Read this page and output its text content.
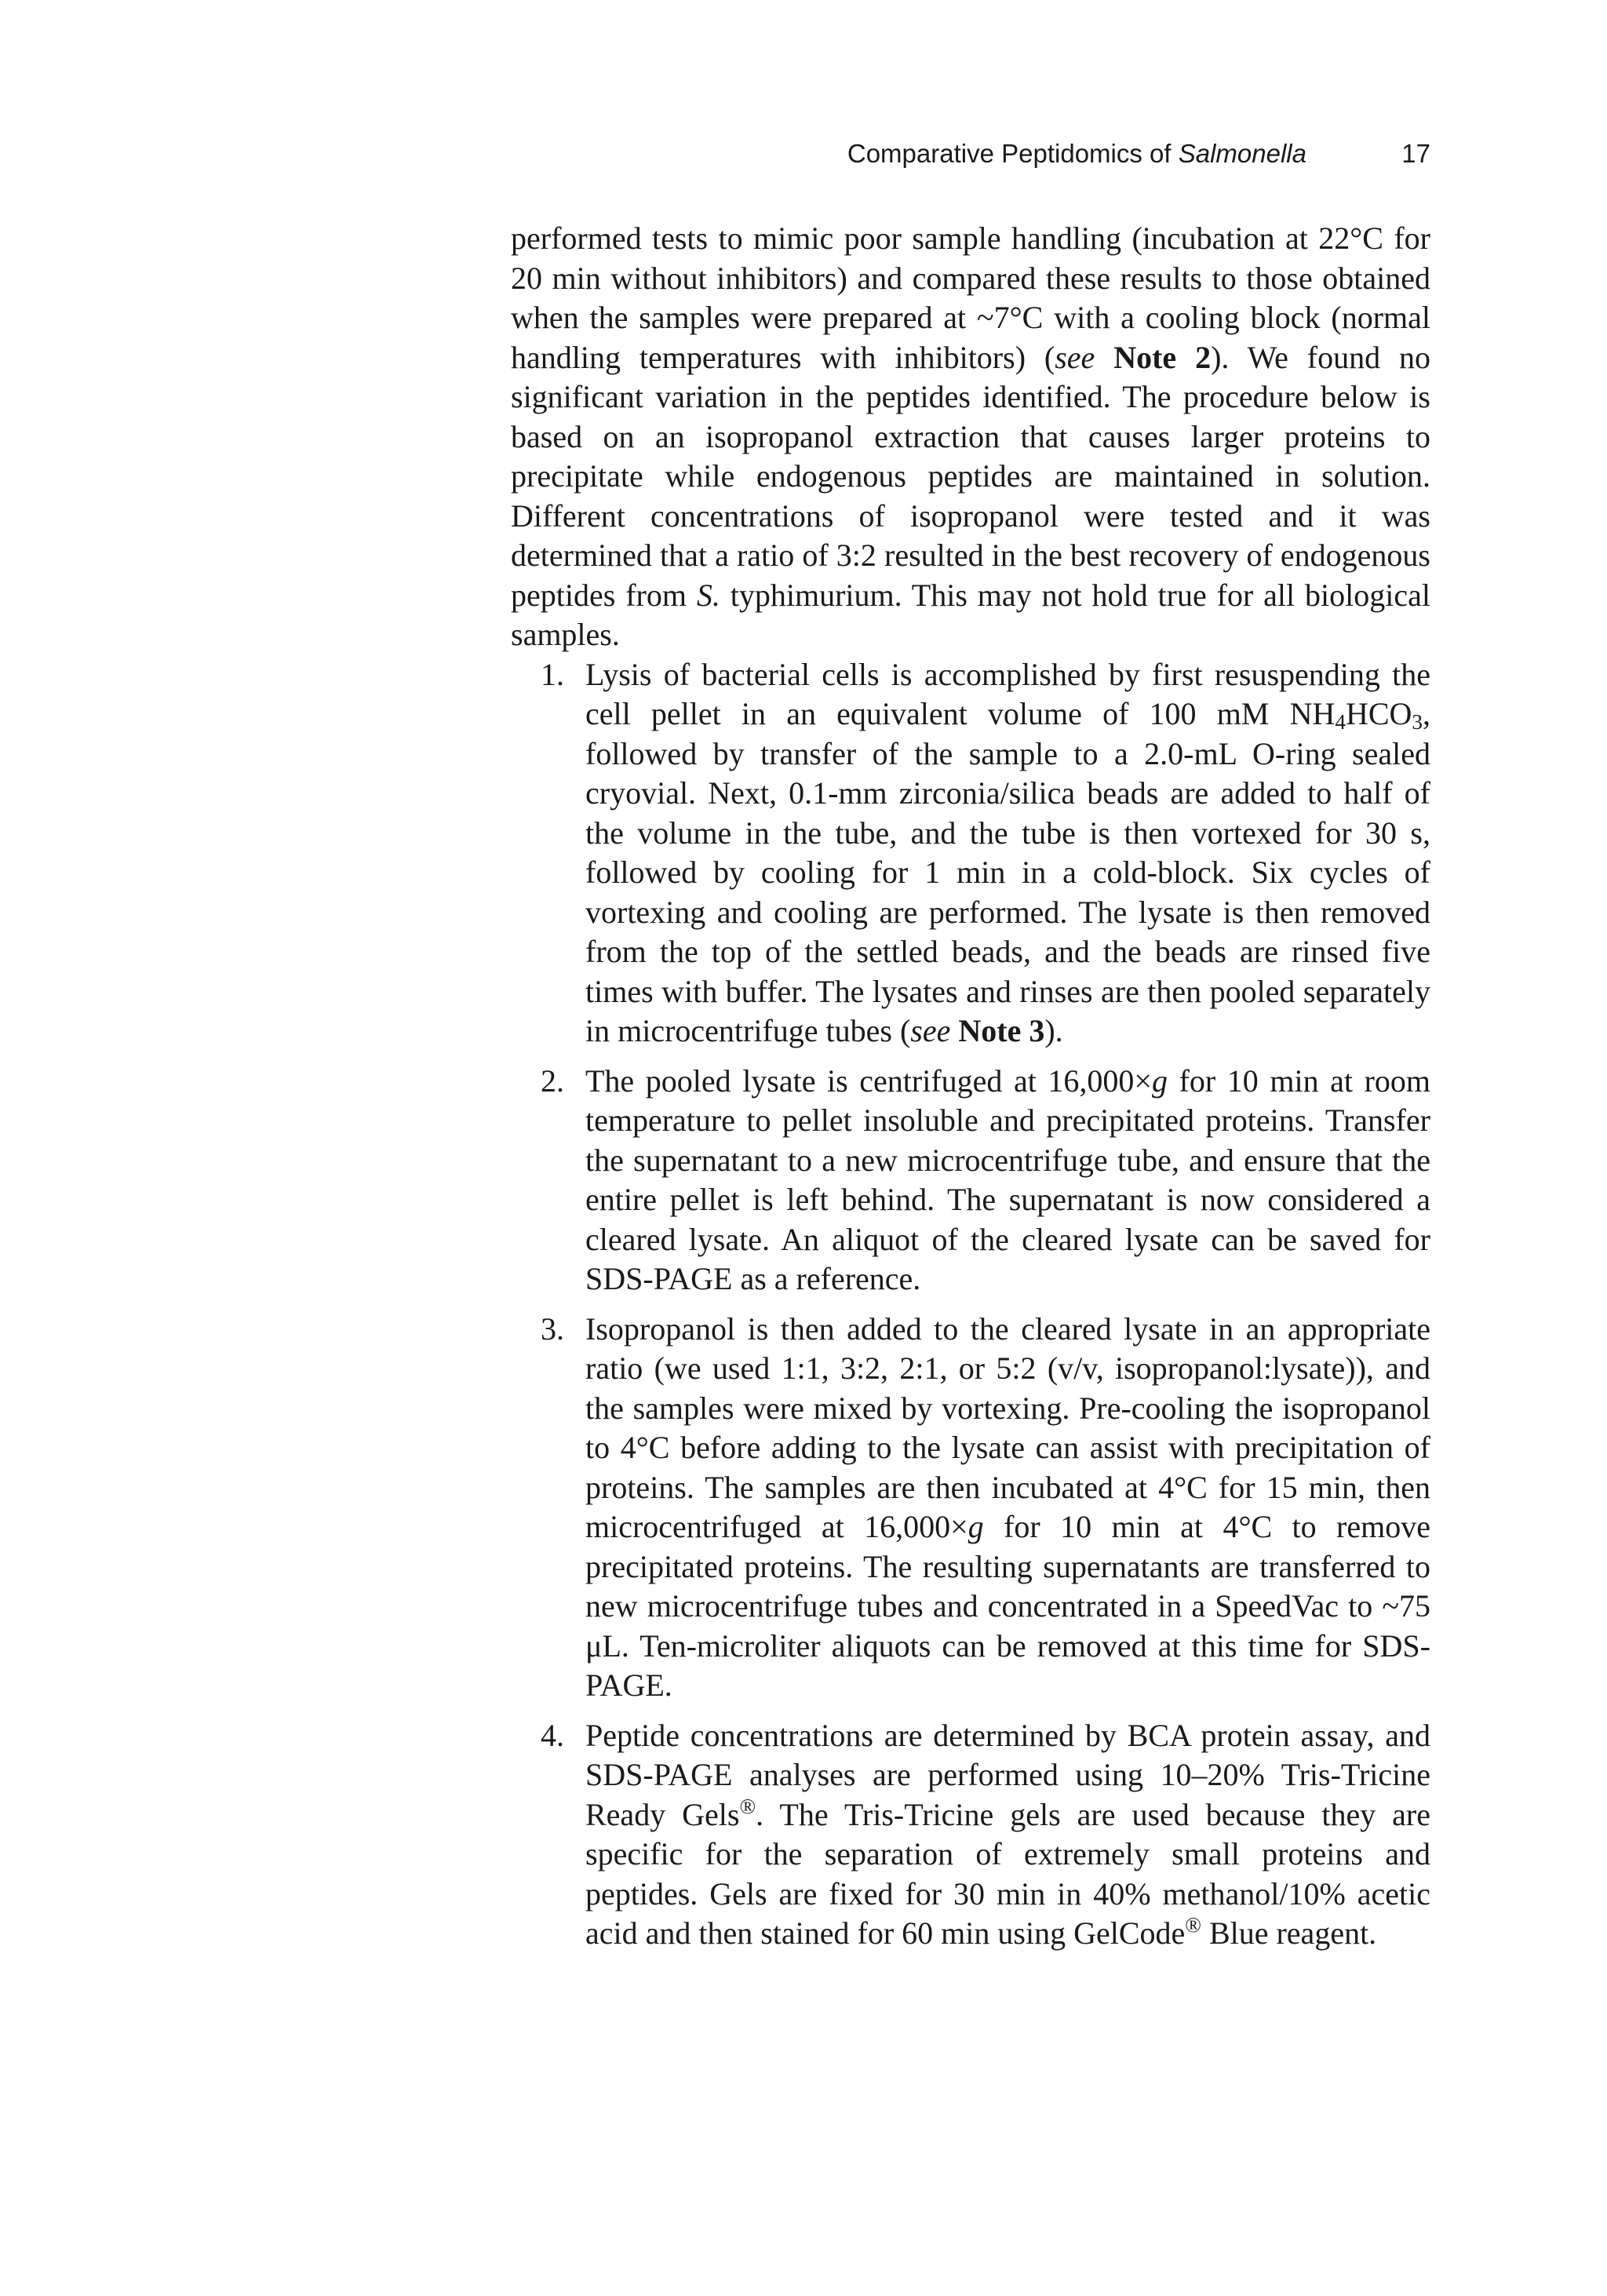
Comparative Peptidomics of Salmonella	17

performed tests to mimic poor sample handling (incubation at 22°C for 20 min without inhibitors) and compared these results to those obtained when the samples were prepared at ~7°C with a cooling block (normal handling temperatures with inhibitors) (see Note 2). We found no significant variation in the peptides identified. The procedure below is based on an isopropanol extraction that causes larger proteins to precipitate while endogenous peptides are maintained in solution. Different concentrations of isopropanol were tested and it was determined that a ratio of 3:2 resulted in the best recovery of endogenous peptides from S. typhimurium. This may not hold true for all biological samples.

1. Lysis of bacterial cells is accomplished by first resuspending the cell pellet in an equivalent volume of 100 mM $NH_4HCO_3$, followed by transfer of the sample to a 2.0-mL O-ring sealed cryovial. Next, 0.1-mm zirconia/silica beads are added to half of the volume in the tube, and the tube is then vortexed for 30 s, followed by cooling for 1 min in a cold-block. Six cycles of vortexing and cooling are performed. The lysate is then removed from the top of the settled beads, and the beads are rinsed five times with buffer. The lysates and rinses are then pooled separately in microcentrifuge tubes (see Note 3).
2. The pooled lysate is centrifuged at 16,000×g for 10 min at room temperature to pellet insoluble and precipitated proteins. Transfer the supernatant to a new microcentrifuge tube, and ensure that the entire pellet is left behind. The supernatant is now considered a cleared lysate. An aliquot of the cleared lysate can be saved for SDS-PAGE as a reference.
3. Isopropanol is then added to the cleared lysate in an appropriate ratio (we used 1:1, 3:2, 2:1, or 5:2 (v/v, isopropanol:lysate)), and the samples were mixed by vortexing. Pre-cooling the isopropanol to 4°C before adding to the lysate can assist with precipitation of proteins. The samples are then incubated at 4°C for 15 min, then microcentrifuged at 16,000×g for 10 min at 4°C to remove precipitated proteins. The resulting supernatants are transferred to new microcentrifuge tubes and concentrated in a SpeedVac to ~75 μL. Ten-microliter aliquots can be removed at this time for SDS-PAGE.
4. Peptide concentrations are determined by BCA protein assay, and SDS-PAGE analyses are performed using 10–20% Tris-Tricine Ready Gels®. The Tris-Tricine gels are used because they are specific for the separation of extremely small proteins and peptides. Gels are fixed for 30 min in 40% methanol/10% acetic acid and then stained for 60 min using GelCode® Blue reagent.
